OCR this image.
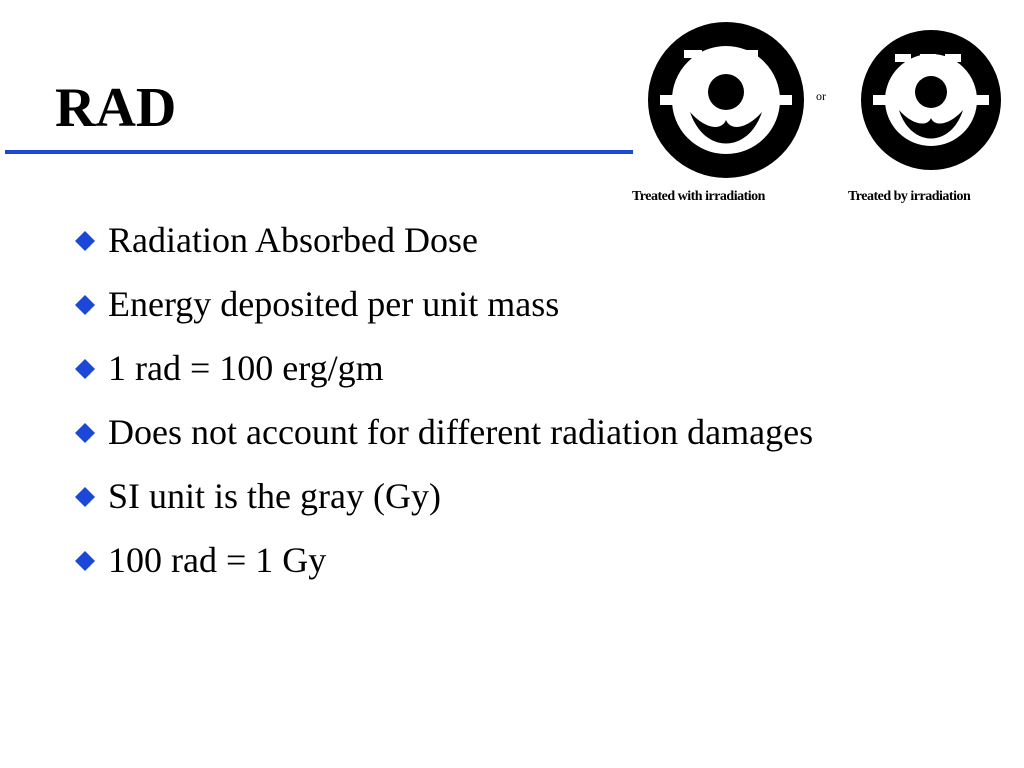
RAD	or
Treated with irradiation	Treated by irradiation
Radiation Absorbed Dose
Energy deposited per unit mass
1 rad = 100 erg/gm
Does not account for different radiation damages
SI unit is the gray (Gy)
100 rad = 1 Gy
